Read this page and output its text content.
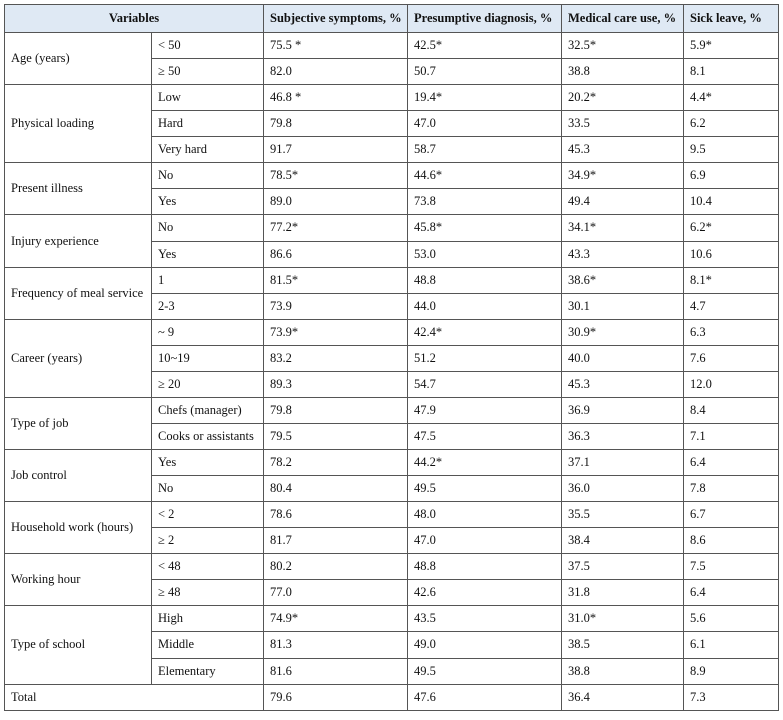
Variables		Subjective symptoms, %	Presumptive diagnosis, %	Medical care use, %	Sick leave, %
Age (years)	< 50	75.5 *	42.5*	32.5*	5.9*
	≥ 50	82.0	50.7	38.8	8.1
Physical loading	Low	46.8 *	19.4*	20.2*	4.4*
	Hard	79.8	47.0	33.5	6.2
	Very hard	91.7	58.7	45.3	9.5
Present illness	No	78.5*	44.6*	34.9*	6.9
	Yes	89.0	73.8	49.4	10.4
Injury experience	No	77.2*	45.8*	34.1*	6.2*
	Yes	86.6	53.0	43.3	10.6
Frequency of meal service	1	81.5*	48.8	38.6*	8.1*
	2-3	73.9	44.0	30.1	4.7
Career (years)	~ 9	73.9*	42.4*	30.9*	6.3
	10~19	83.2	51.2	40.0	7.6
	≥ 20	89.3	54.7	45.3	12.0
Type of job	Chefs (manager)	79.8	47.9	36.9	8.4
	Cooks or assistants	79.5	47.5	36.3	7.1
Job control	Yes	78.2	44.2*	37.1	6.4
	No	80.4	49.5	36.0	7.8
Household work (hours)	< 2	78.6	48.0	35.5	6.7
	≥ 2	81.7	47.0	38.4	8.6
Working hour	< 48	80.2	48.8	37.5	7.5
	≥ 48	77.0	42.6	31.8	6.4
Type of school	High	74.9*	43.5	31.0*	5.6
	Middle	81.3	49.0	38.5	6.1
	Elementary	81.6	49.5	38.8	8.9
Total		79.6	47.6	36.4	7.3
